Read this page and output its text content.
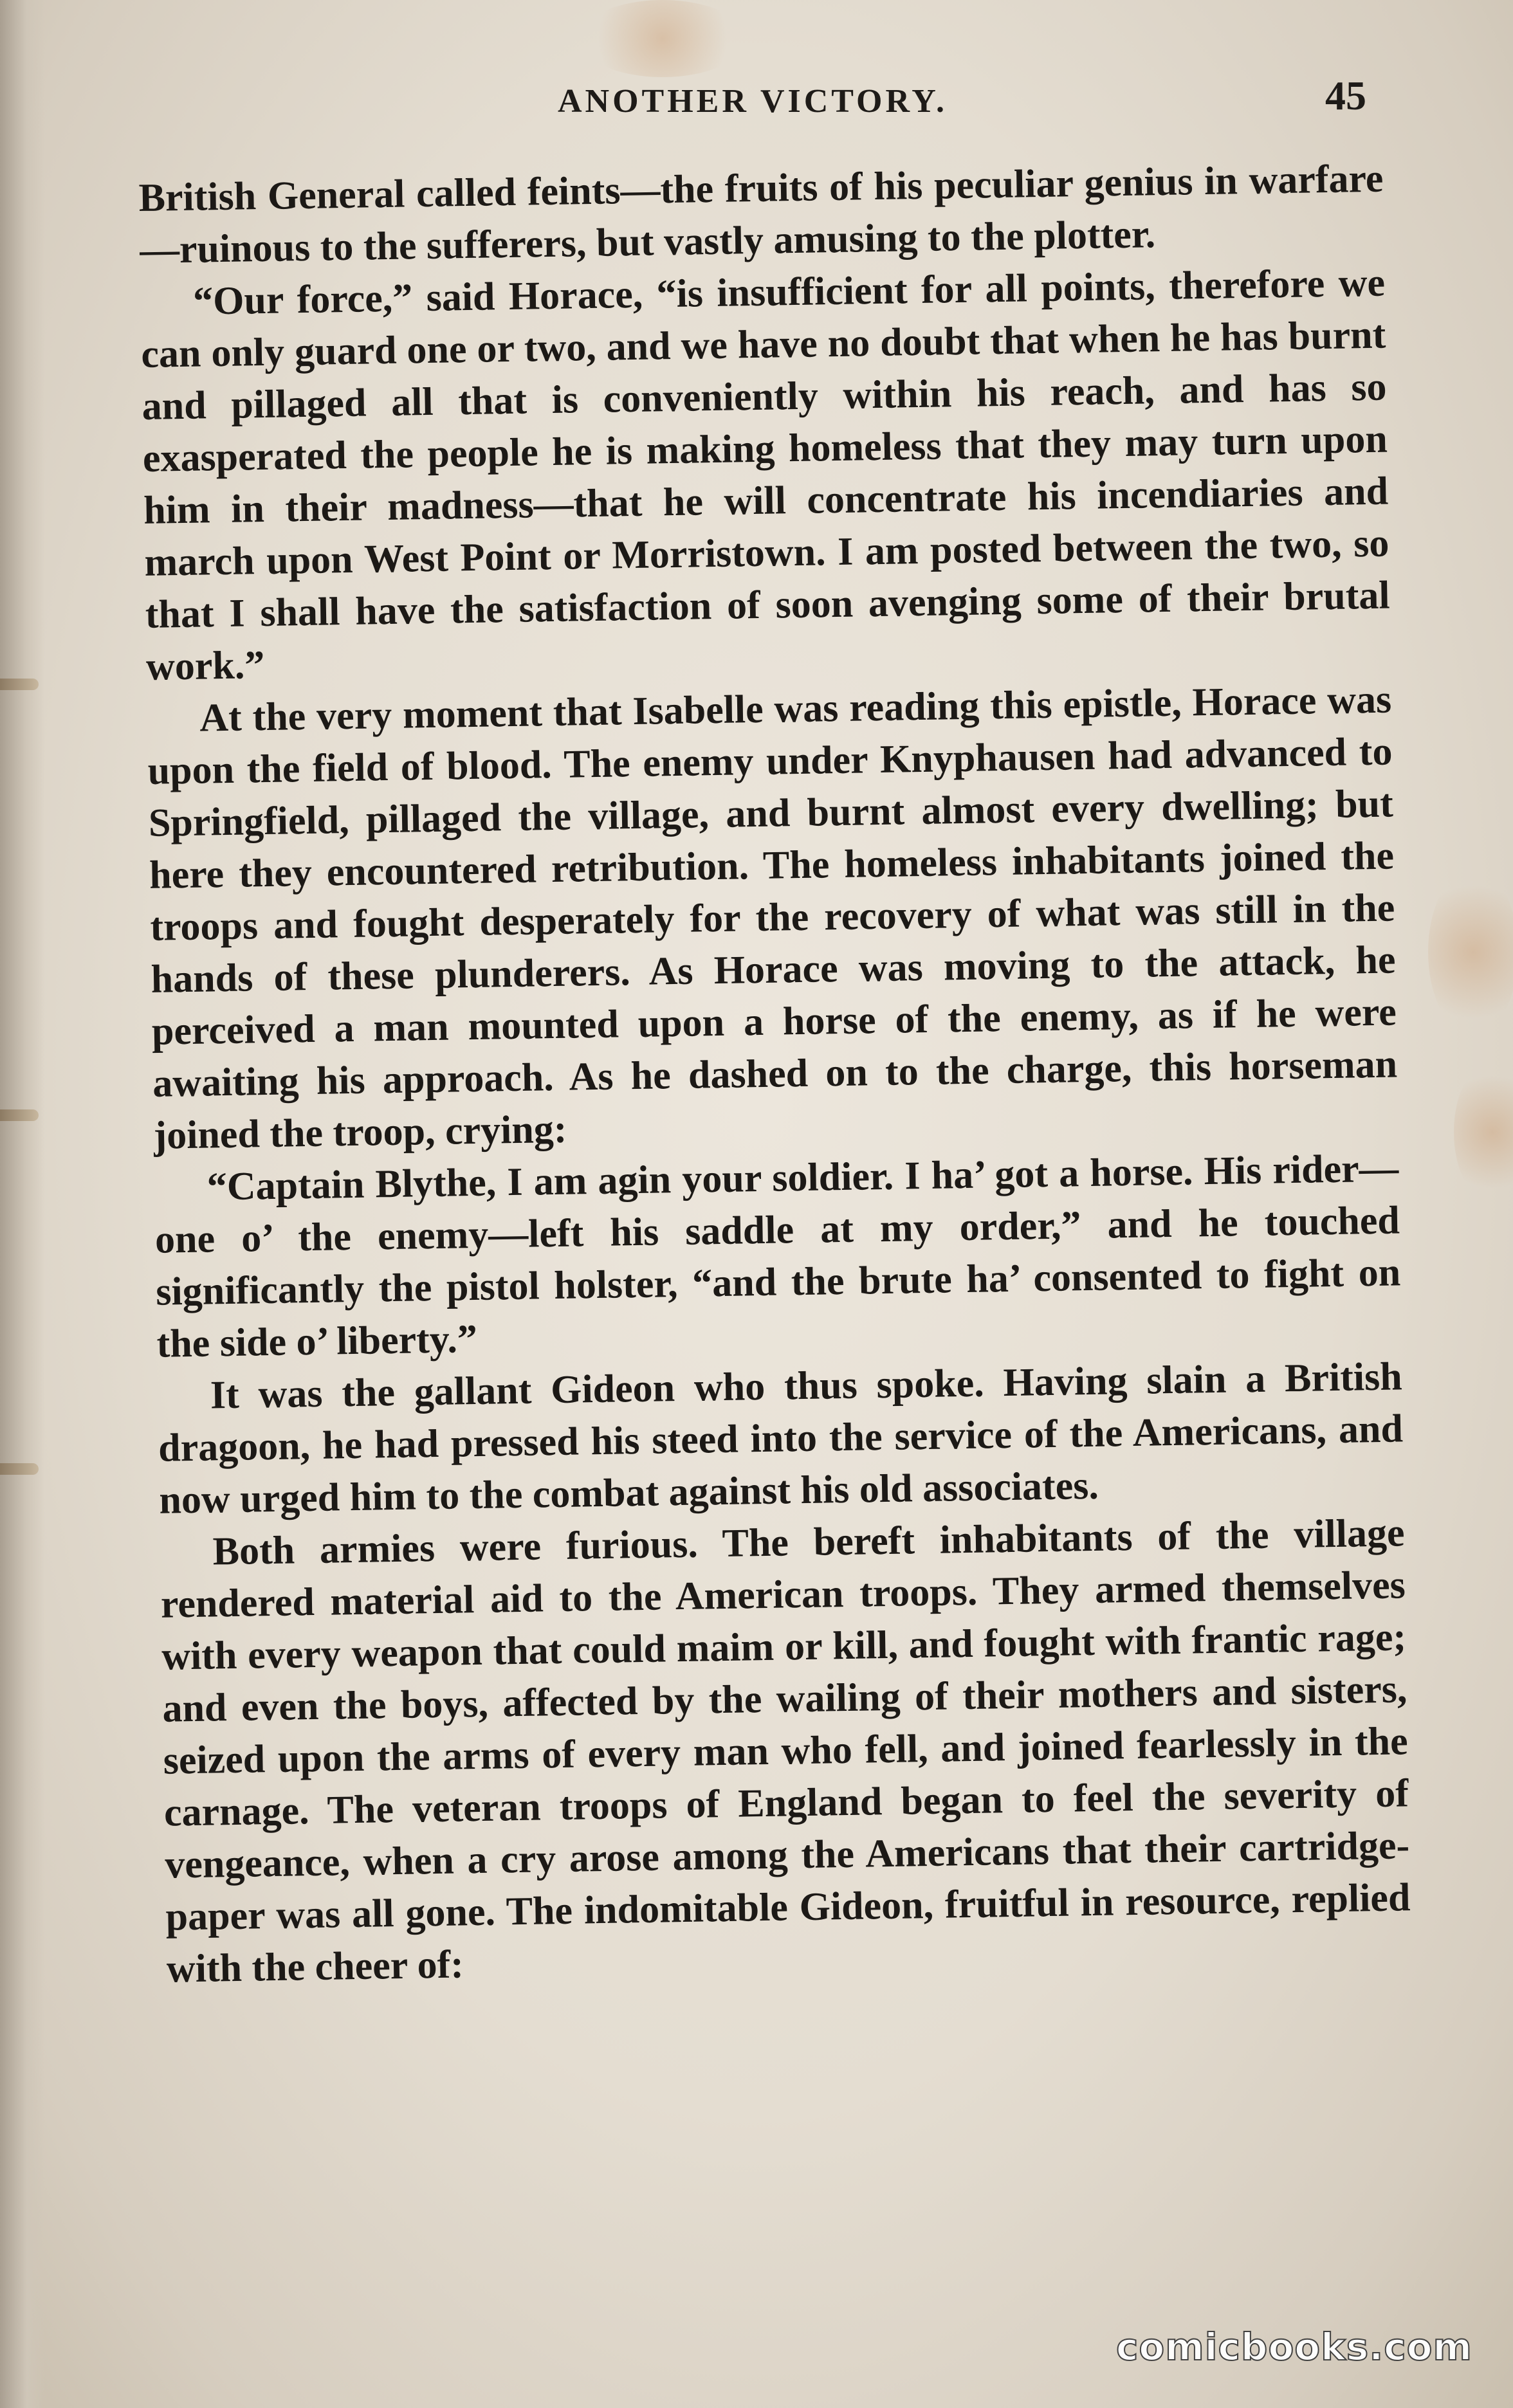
ANOTHER VICTORY.	45

British General called feints—the fruits of his peculiar genius in warfare—ruinous to the sufferers, but vastly amusing to the plotter.

“Our force,” said Horace, “is insufficient for all points, therefore we can only guard one or two, and we have no doubt that when he has burnt and pillaged all that is conveniently within his reach, and has so exasperated the people he is making homeless that they may turn upon him in their madness—that he will concentrate his incendiaries and march upon West Point or Morristown. I am posted between the two, so that I shall have the satisfaction of soon avenging some of their brutal work.”

At the very moment that Isabelle was reading this epistle, Horace was upon the field of blood. The enemy under Knyphausen had advanced to Springfield, pillaged the village, and burnt almost every dwelling; but here they encountered retribution. The homeless inhabitants joined the troops and fought desperately for the recovery of what was still in the hands of these plunderers. As Horace was moving to the attack, he perceived a man mounted upon a horse of the enemy, as if he were awaiting his approach. As he dashed on to the charge, this horseman joined the troop, crying:

“Captain Blythe, I am agin your soldier. I ha’ got a horse. His rider—one o’ the enemy—left his saddle at my order,” and he touched significantly the pistol holster, “and the brute ha’ consented to fight on the side o’ liberty.”

It was the gallant Gideon who thus spoke. Having slain a British dragoon, he had pressed his steed into the service of the Americans, and now urged him to the combat against his old associates.

Both armies were furious. The bereft inhabitants of the village rendered material aid to the American troops. They armed themselves with every weapon that could maim or kill, and fought with frantic rage; and even the boys, affected by the wailing of their mothers and sisters, seized upon the arms of every man who fell, and joined fearlessly in the carnage. The veteran troops of England began to feel the severity of vengeance, when a cry arose among the Americans that their cartridge-paper was all gone. The indomitable Gideon, fruitful in resource, replied with the cheer of:

comicbooks.com
